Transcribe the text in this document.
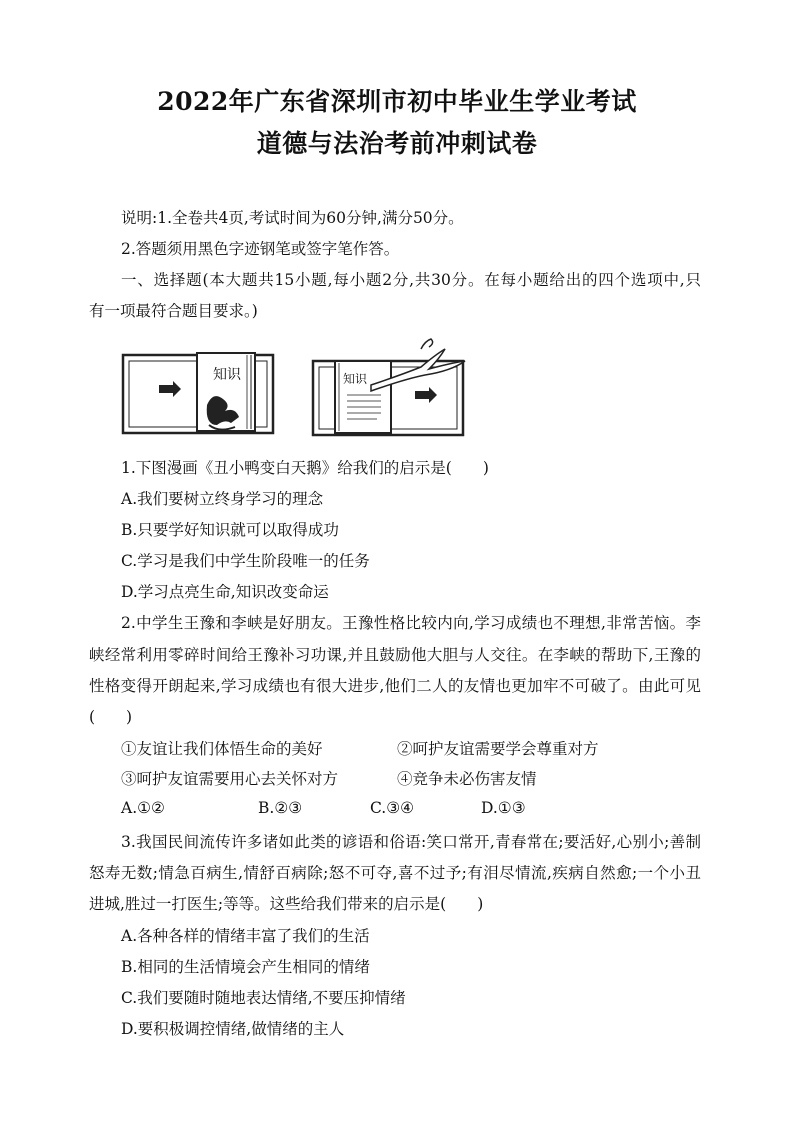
2022年广东省深圳市初中毕业生学业考试
道德与法治考前冲刺试卷
说明:1.全卷共4页,考试时间为60分钟,满分50分。
2.答题须用黑色字迹钢笔或签字笔作答。
一、选择题(本大题共15小题,每小题2分,共30分。在每小题给出的四个选项中,只
有一项最符合题目要求。)
知识	知识
1.下图漫画《丑小鸭变白天鹅》给我们的启示是(　　)
A.我们要树立终身学习的理念
B.只要学好知识就可以取得成功
C.学习是我们中学生阶段唯一的任务
D.学习点亮生命,知识改变命运
2.中学生王豫和李峡是好朋友。王豫性格比较内向,学习成绩也不理想,非常苦恼。李
峡经常利用零碎时间给王豫补习功课,并且鼓励他大胆与人交往。在李峡的帮助下,王豫的
性格变得开朗起来,学习成绩也有很大进步,他们二人的友情也更加牢不可破了。由此可见
(　　)
①友谊让我们体悟生命的美好	②呵护友谊需要学会尊重对方
③呵护友谊需要用心去关怀对方	④竞争未必伤害友情
A.①②	B.②③	C.③④	D.①③
3.我国民间流传许多诸如此类的谚语和俗语:笑口常开,青春常在;要活好,心别小;善制
怒寿无数;情急百病生,情舒百病除;怒不可夺,喜不过予;有泪尽情流,疾病自然愈;一个小丑
进城,胜过一打医生;等等。这些给我们带来的启示是(　　)
A.各种各样的情绪丰富了我们的生活
B.相同的生活情境会产生相同的情绪
C.我们要随时随地表达情绪,不要压抑情绪
D.要积极调控情绪,做情绪的主人
